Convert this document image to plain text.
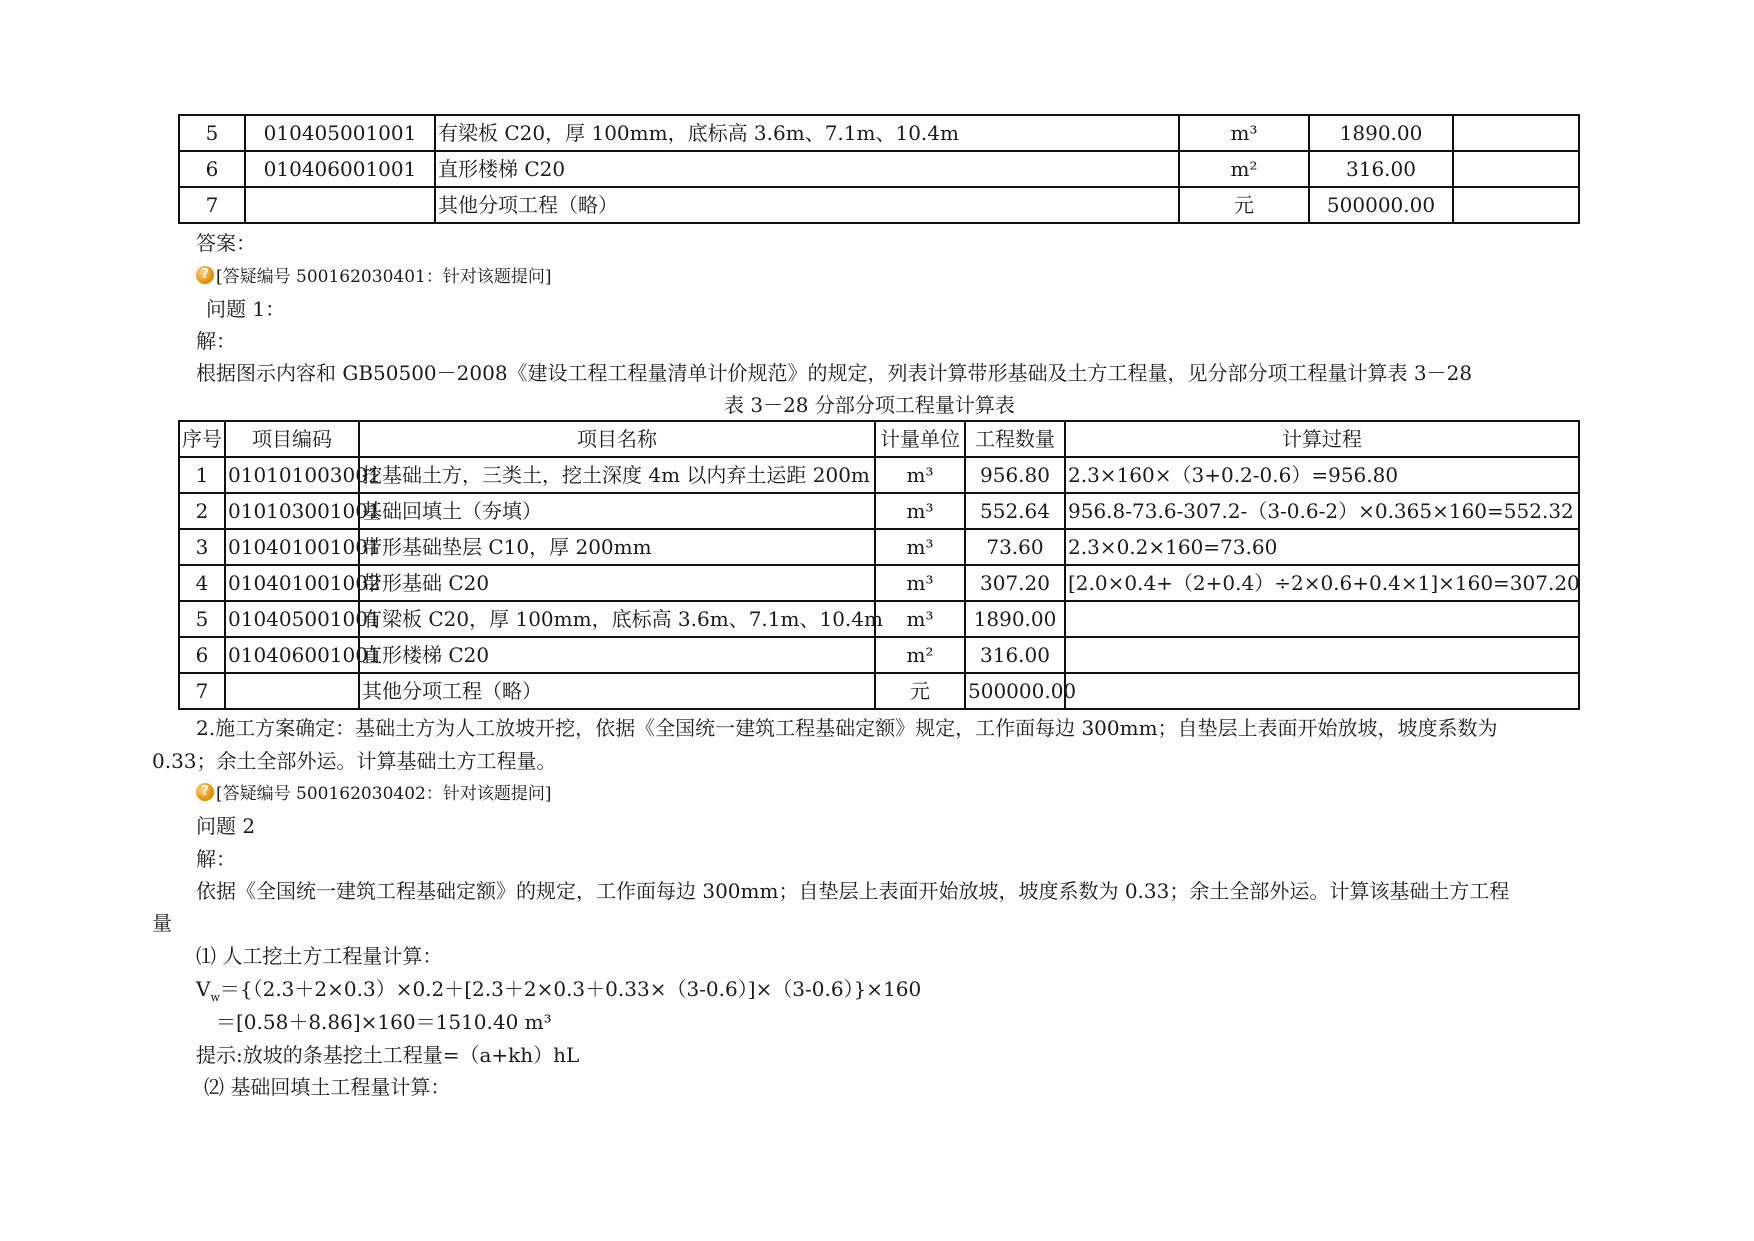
5	010405001001	有梁板 C20，厚 100mm，底标高 3.6m、7.1m、10.4m	m³	1890.00	
6	010406001001	直形楼梯 C20	m²	316.00	
7		其他分项工程（略）	元	500000.00	
答案：
? [答疑编号 500162030401：针对该题提问]
问题 1：
解：
根据图示内容和 GB50500－2008《建设工程工程量清单计价规范》的规定，列表计算带形基础及土方工程量，见分部分项工程量计算表 3－28
表 3－28 分部分项工程量计算表
序号	项目编码	项目名称	计量单位	工程数量	计算过程
1	010101003001	挖基础土方，三类土，挖土深度 4m 以内弃土运距 200m	m³	956.80	2.3×160×（3+0.2-0.6）=956.80
2	010103001001	基础回填土（夯填）	m³	552.64	956.8-73.6-307.2-（3-0.6-2）×0.365×160=552.32
3	010401001001	带形基础垫层 C10，厚 200mm	m³	73.60	2.3×0.2×160=73.60
4	010401001002	带形基础 C20	m³	307.20	[2.0×0.4+（2+0.4）÷2×0.6+0.4×1]×160=307.20
5	010405001001	有梁板 C20，厚 100mm，底标高 3.6m、7.1m、10.4m	m³	1890.00	
6	010406001001	直形楼梯 C20	m²	316.00	
7		其他分项工程（略）	元	500000.00	
2.施工方案确定：基础土方为人工放坡开挖，依据《全国统一建筑工程基础定额》规定，工作面每边 300mm；自垫层上表面开始放坡，坡度系数为
0.33；余土全部外运。计算基础土方工程量。
? [答疑编号 500162030402：针对该题提问]
问题 2
解：
依据《全国统一建筑工程基础定额》的规定，工作面每边 300mm；自垫层上表面开始放坡，坡度系数为 0.33；余土全部外运。计算该基础土方工程
量
⑴ 人工挖土方工程量计算：
$V_w=\{(2.3+2\times 0.3)\times 0.2+[2.3+2\times 0.3+0.33\times(3-0.6)]\times(3-0.6)\}\times 160$
＝[0.58＋8.86]×160＝1510.40 m³
提示:放坡的条基挖土工程量=（a+kh）hL
⑵ 基础回填土工程量计算：
